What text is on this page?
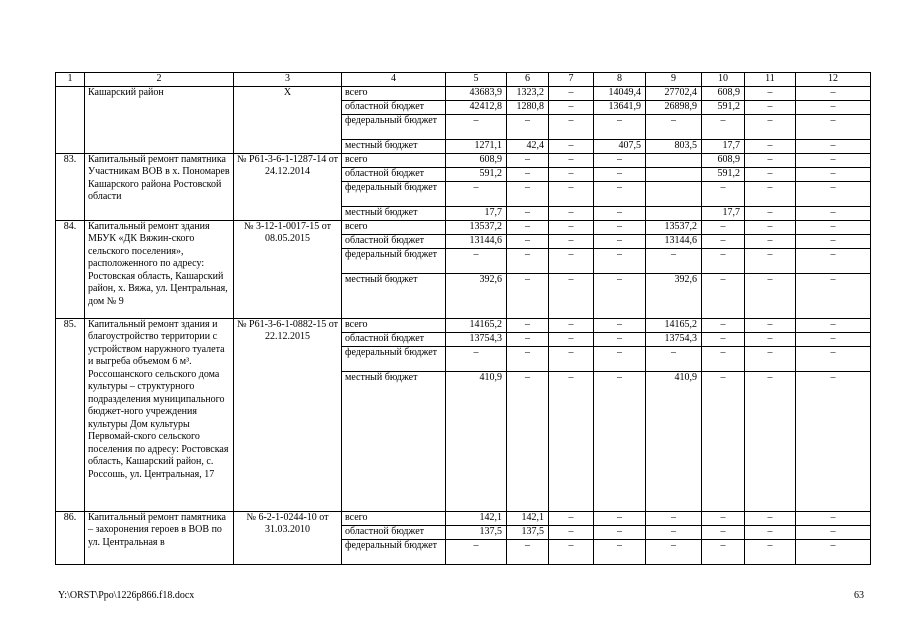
1	2	3	4	5	6	7	8	9	10	11	12
	Кашарский район	Х	всего	43683,9	1323,2	–	14049,4	27702,4	608,9	–	–
			областной бюджет	42412,8	1280,8	–	13641,9	26898,9	591,2	–	–
			федеральный бюджет	–	–	–	–	–	–	–	–
			местный бюджет	1271,1	42,4	–	407,5	803,5	17,7	–	–
83.	Капитальный ремонт памятника Участникам ВОВ в х. Пономарев Кашарского района Ростовской области	№ Р61-3-6-1-1287-14 от 24.12.2014	всего	608,9	–	–	–		608,9	–	–
			областной бюджет	591,2	–	–	–		591,2	–	–
			федеральный бюджет	–	–	–	–		–	–	–
			местный бюджет	17,7	–	–	–		17,7	–	–
84.	Капитальный ремонт здания МБУК «ДК Вяжин-ского сельского поселения», расположенного по адресу: Ростовская область, Кашарский район, х. Вяжа, ул. Центральная, дом № 9	№ 3-12-1-0017-15 от 08.05.2015	всего	13537,2	–	–	–	13537,2	–	–	–
			областной бюджет	13144,6	–	–	–	13144,6	–	–	–
			федеральный бюджет	–	–	–	–	–	–	–	–
			местный бюджет	392,6	–	–	–	392,6	–	–	–
85.	Капитальный ремонт здания и благоустройство территории с устройством наружного туалета и выгреба объемом 6 м³. Россошанского сельского дома культуры – структурного подразделения муниципального бюджет-ного учреждения культуры Дом культуры Первомай-ского сельского поселения по адресу: Ростовская область, Кашарский район, с. Россошь, ул. Центральная, 17	№ Р61-3-6-1-0882-15 от 22.12.2015	всего	14165,2	–	–	–	14165,2	–	–	–
			областной бюджет	13754,3	–	–	–	13754,3	–	–	–
			федеральный бюджет	–	–	–	–	–	–	–	–
			местный бюджет	410,9	–	–	–	410,9	–	–	–
86.	Капитальный ремонт памятника – захоронения героев в ВОВ по ул. Центральная в	№ 6-2-1-0244-10 от 31.03.2010	всего	142,1	142,1	–	–	–	–	–	–
			областной бюджет	137,5	137,5	–	–	–	–	–	–
			федеральный бюджет	–	–	–	–	–	–	–	–
Y:\ORST\Ppo\1226p866.f18.docx	63
